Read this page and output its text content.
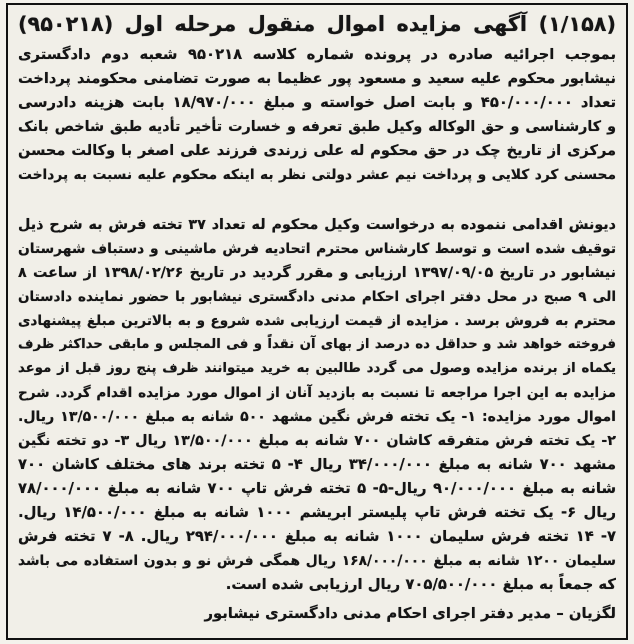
(۱/۱۵۸) آگهی مزایده اموال منقول مرحله اول (۹۵۰۲۱۸)
بموجب اجرائیه صادره در پرونده شماره کلاسه ۹۵۰۲۱۸ شعبه دوم دادگستری
نیشابور محکوم علیه سعید و مسعود پور عظیما به صورت تضامنی محکومند پرداخت
تعداد ۴۵۰/۰۰۰/۰۰۰ و بابت اصل خواسته و مبلغ ۱۸/۹۷۰/۰۰۰ بابت هزینه دادرسی
و کارشناسی و حق الوکاله وکیل طبق تعرفه و خسارت تأخیر تأدیه طبق شاخص بانک
مرکزی از تاریخ چک در حق محکوم له علی زرندی فرزند علی اصغر با وکالت محسن
محسنی کرد کلایی و پرداخت نیم عشر دولتی نظر به اینکه محکوم علیه نسبت به پرداخت
دیونش اقدامی ننموده به درخواست وکیل محکوم له تعداد ۳۷ تخته فرش به شرح ذیل
توقیف شده است و توسط کارشناس محترم اتحادیه فرش ماشینی و دستباف شهرستان
نیشابور در تاریخ ۱۳۹۷/۰۹/۰۵ ارزیابی و مقرر گردید در تاریخ ۱۳۹۸/۰۲/۲۶ از ساعت ۸
الی ۹ صبح در محل دفتر اجرای احکام مدنی دادگستری نیشابور با حضور نماینده دادستان
محترم به فروش برسد . مزایده از قیمت ارزیابی شده شروع و به بالاترین مبلغ پیشنهادی
فروخته خواهد شد و حداقل ده درصد از بهای آن نقداً و فی المجلس و مابقی حداکثر ظرف
یکماه از برنده مزایده وصول می گردد طالبین به خرید میتوانند ظرف پنج روز قبل از موعد
مزایده به این اجرا مراجعه تا نسبت به بازدید آنان از اموال مورد مزایده اقدام گردد. شرح
اموال مورد مزایده: ۱- یک تخته فرش نگین مشهد ۵۰۰ شانه به مبلغ ۱۳/۵۰۰/۰۰۰ ریال.
۲- یک تخته فرش متفرقه کاشان ۷۰۰ شانه به مبلغ ۱۳/۵۰۰/۰۰۰ ریال ۳- دو تخته نگین
مشهد ۷۰۰ شانه به مبلغ ۳۴/۰۰۰/۰۰۰ ریال ۴- ۵ تخته برند های مختلف کاشان ۷۰۰
شانه به مبلغ ۹۰/۰۰۰/۰۰۰ ریال-۵- ۵ تخته فرش تاپ ۷۰۰ شانه به مبلغ ۷۸/۰۰۰/۰۰۰
ریال ۶- یک تخته فرش تاپ پلیستر ابریشم ۱۰۰۰ شانه به مبلغ ۱۴/۵۰۰/۰۰۰ ریال.
۷- ۱۴ تخته فرش سلیمان ۱۰۰۰ شانه به مبلغ ۲۹۴/۰۰۰/۰۰۰ ریال. ۸- ۷ تخته فرش
سلیمان ۱۲۰۰ شانه به مبلغ ۱۶۸/۰۰۰/۰۰۰ ریال همگی فرش نو و بدون استفاده می باشد
که جمعاً به مبلغ ۷۰۵/۵۰۰/۰۰۰ ریال ارزیابی شده است.
لگزیان – مدیر دفتر اجرای احکام مدنی دادگستری نیشابور
